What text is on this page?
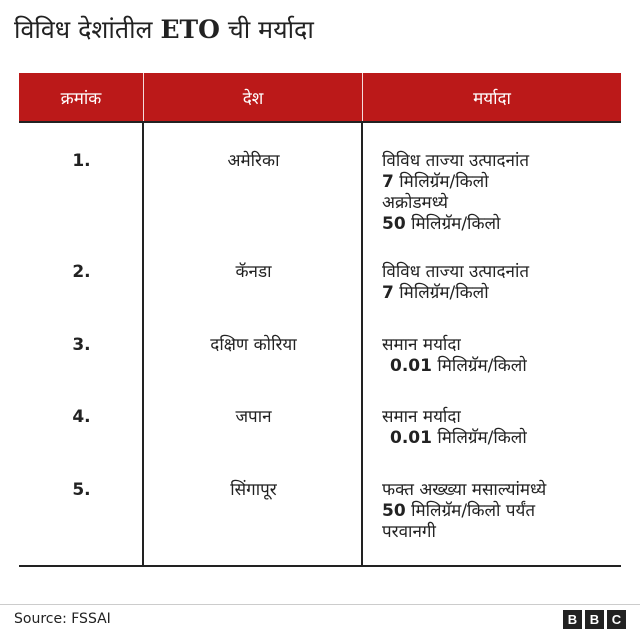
विविध देशांतील ETO ची मर्यादा
क्रमांक	देश	मर्यादा
1.	अमेरिका	विविध ताज्या उत्पादनांत
7 मिलिग्रॅम/किलो
अक्रोडमध्ये
50 मिलिग्रॅम/किलो
2.	कॅनडा	विविध ताज्या उत्पादनांत
7 मिलिग्रॅम/किलो
3.	दक्षिण कोरिया	समान मर्यादा
0.01 मिलिग्रॅम/किलो
4.	जपान	समान मर्यादा
0.01 मिलिग्रॅम/किलो
5.	सिंगापूर	फक्त अख्ख्या मसाल्यांमध्ये
50 मिलिग्रॅम/किलो पर्यंत
परवानगी
Source: FSSAI	B B C
